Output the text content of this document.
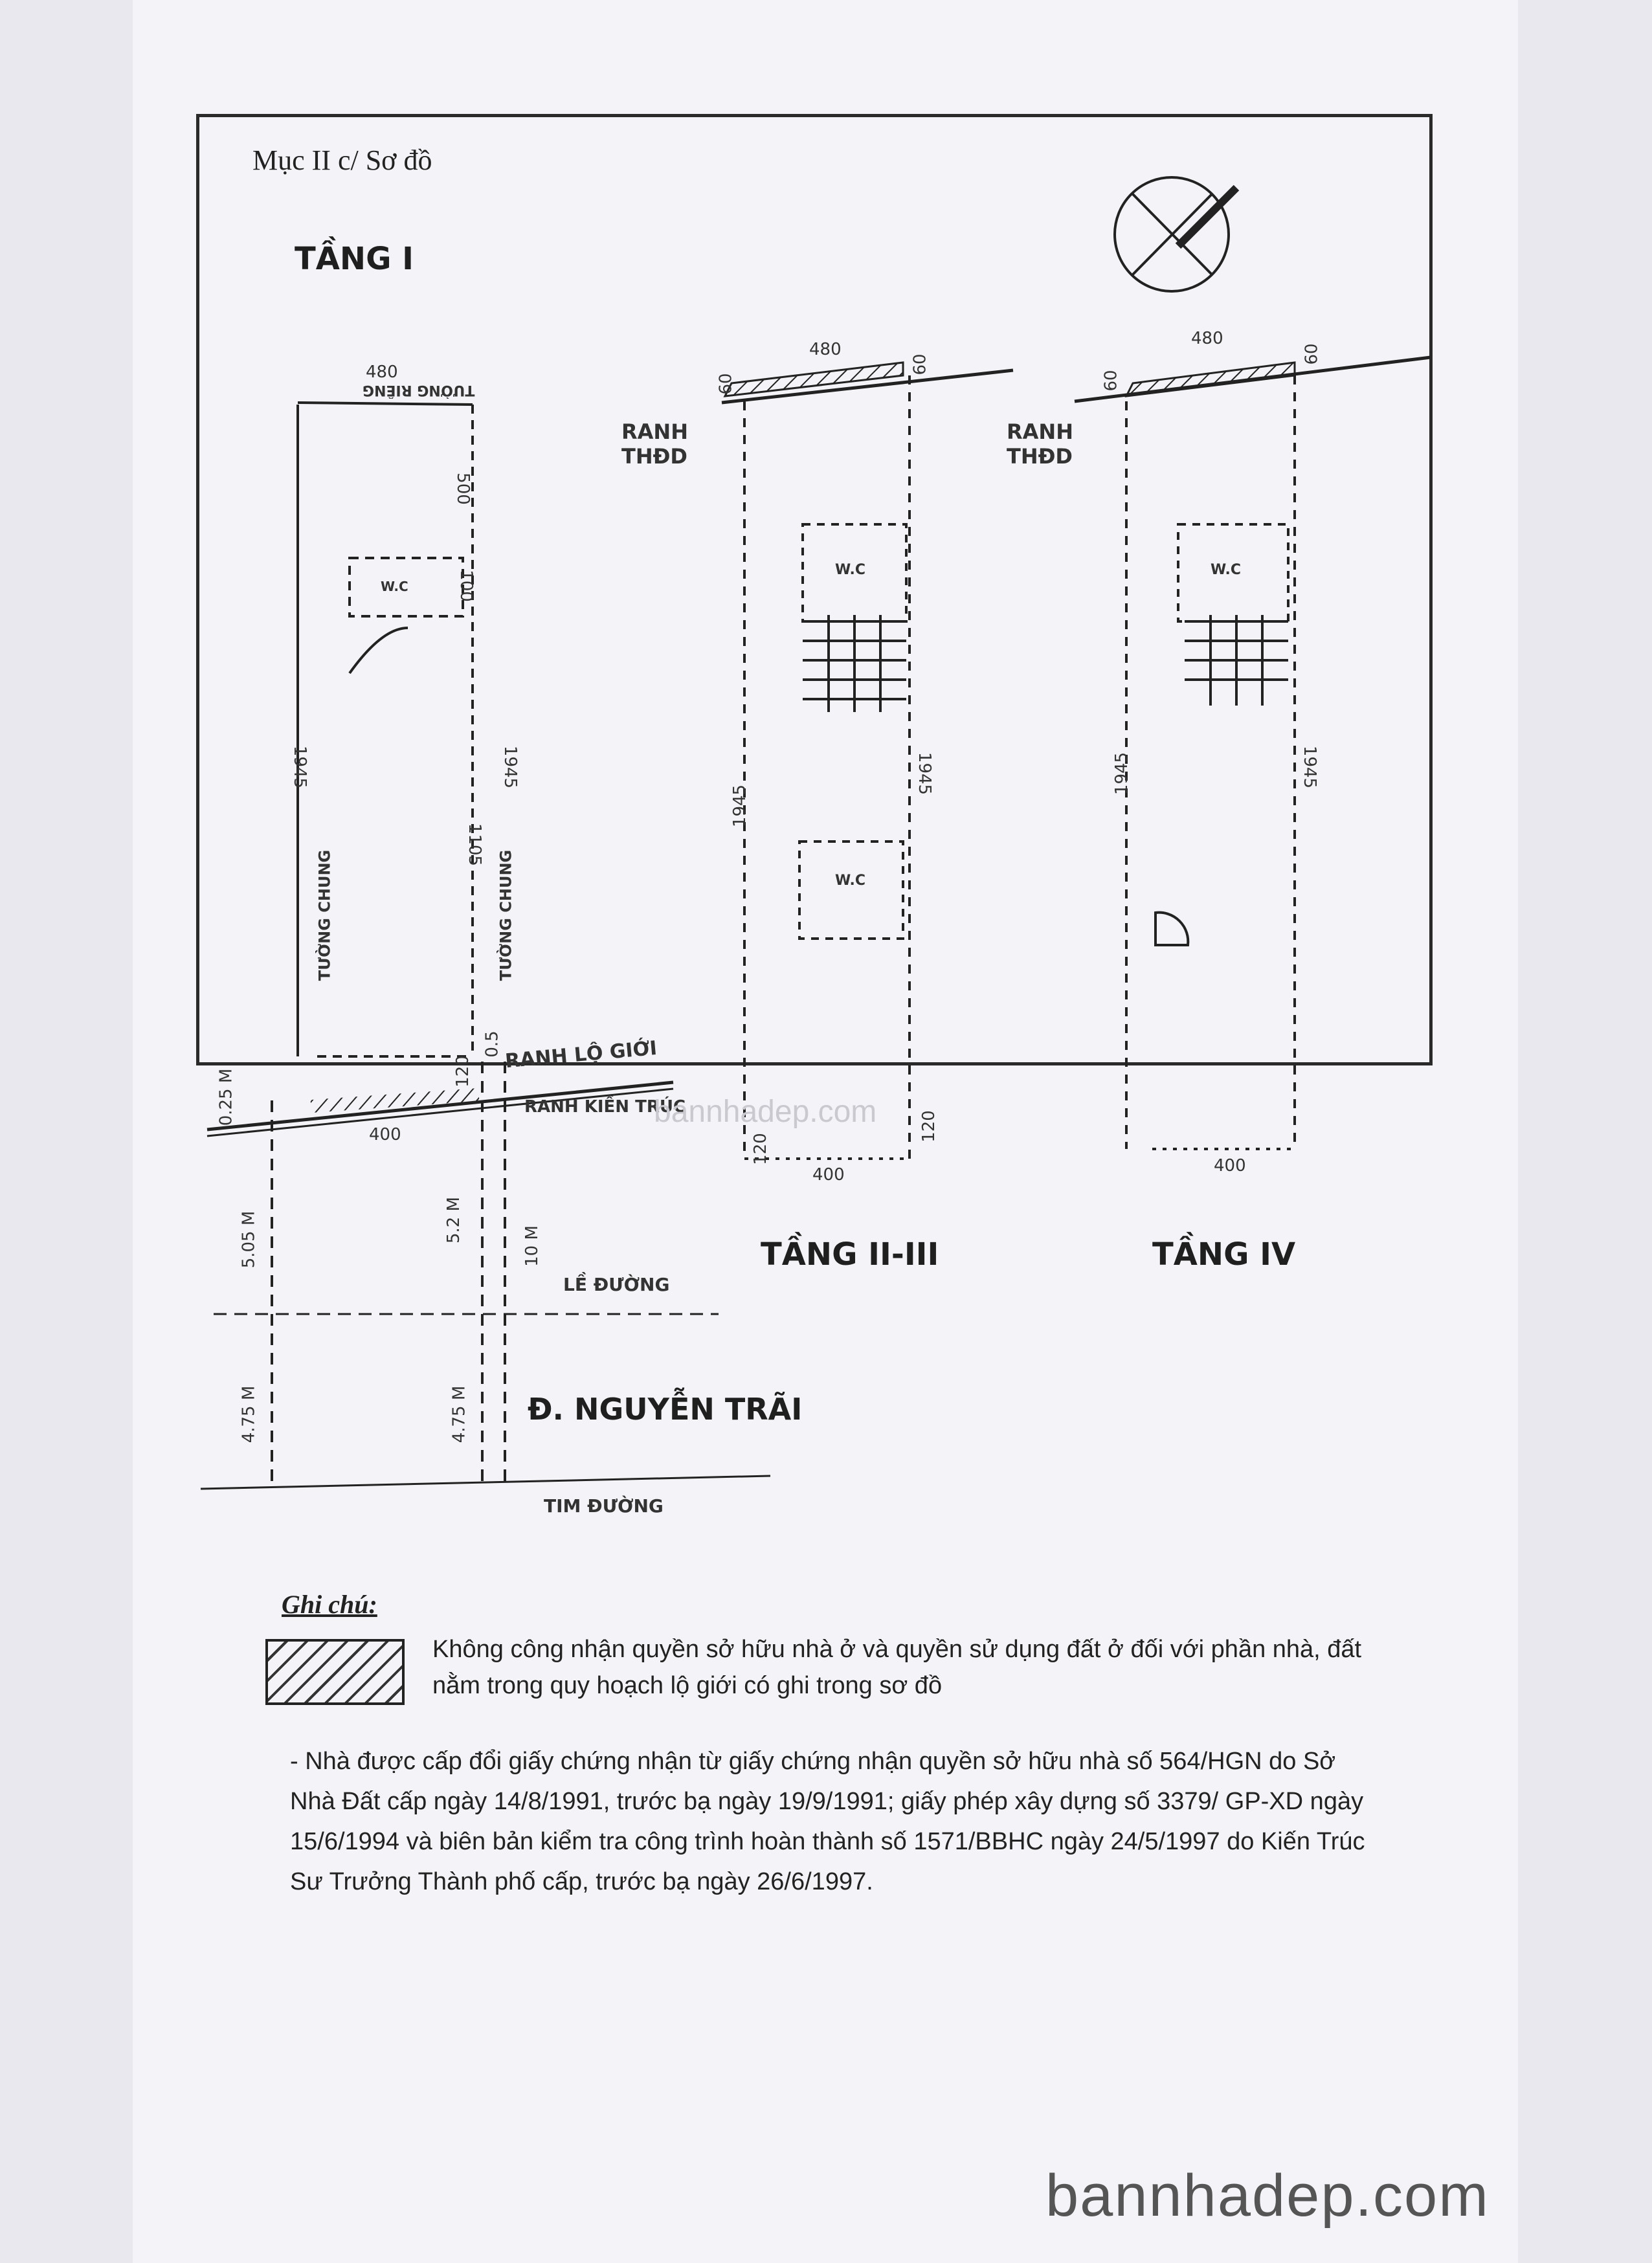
Mục II c/ Sơ đồ
TẦNG I
TẦNG II-III	TẦNG IV
RANH THĐD
RANH THĐD
RANH LỘ GIỚI
RANH KIẾN TRÚC
LỀ ĐƯỜNG
Đ. NGUYỄN TRÃI
TIM ĐƯỜNG
TƯỜNG RIÊNG
TƯỜNG CHUNG	TƯỜNG CHUNG
W.C
W.C
W.C
W.C
480
480
480
500
100
1945	1945
1105
1945
1945	1945	1945
400
400	400
120
120
120
60
60
60
60
0.5
0.25 M
5.05 M	5.2 M
10 M
4.75 M	4.75 M
bannhadep.com
Ghi chú:
Không công nhận quyền sở hữu nhà ở và quyền sử dụng đất ở đối với phần nhà, đất nằm trong quy hoạch lộ giới có ghi trong sơ đồ
- Nhà được cấp đổi giấy chứng nhận từ giấy chứng nhận quyền sở hữu nhà số 564/HGN do Sở Nhà Đất cấp ngày 14/8/1991, trước bạ ngày 19/9/1991; giấy phép xây dựng số 3379/ GP-XD ngày 15/6/1994 và biên bản kiểm tra công trình hoàn thành số 1571/BBHC ngày 24/5/1997 do Kiến Trúc Sư Trưởng Thành phố cấp, trước bạ ngày 26/6/1997.
bannhadep.com
